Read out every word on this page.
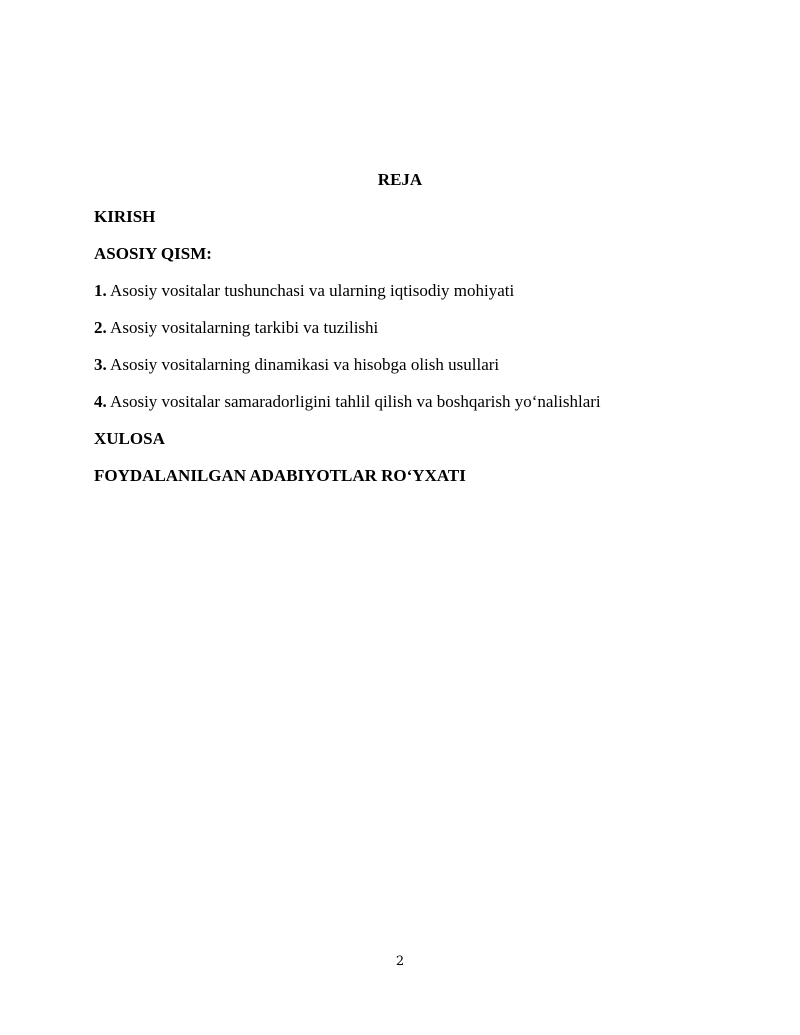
REJA
KIRISH
ASOSIY QISM:
1. Asosiy vositalar tushunchasi va ularning iqtisodiy mohiyati
2. Asosiy vositalarning tarkibi va tuzilishi
3. Asosiy vositalarning dinamikasi va hisobga olish usullari
4. Asosiy vositalar samaradorligini tahlil qilish va boshqarish yo‘nalishlari
XULOSA
FOYDALANILGAN ADABIYOTLAR RO‘YXATI
2
